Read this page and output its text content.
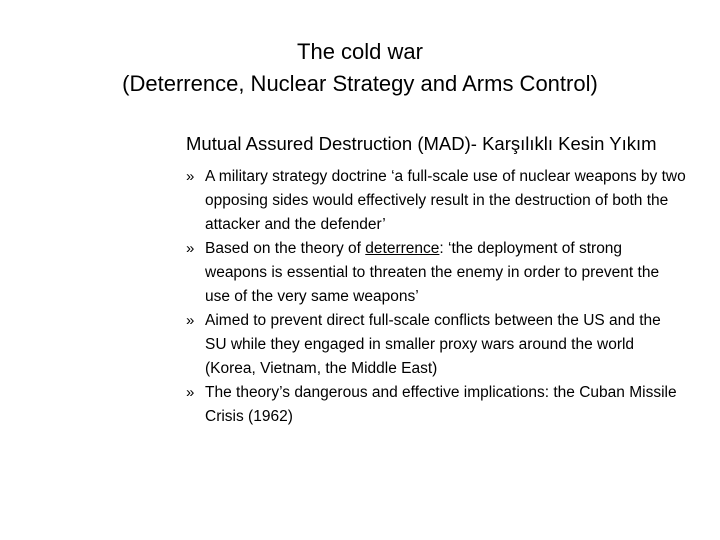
The cold war
(Deterrence, Nuclear Strategy and Arms Control)

Mutual Assured Destruction (MAD)- Karşılıklı Kesin Yıkım

» A military strategy doctrine ‘a full-scale use of nuclear weapons by two opposing sides would effectively result in the destruction of both the attacker and the defender’
» Based on the theory of deterrence: ‘the deployment of strong weapons is essential to threaten the enemy in order to prevent the use of the very same weapons’
» Aimed to prevent direct full-scale conflicts between the US and the SU while they engaged in smaller proxy wars around the world (Korea, Vietnam, the Middle East)
» The theory’s dangerous and effective implications: the Cuban Missile Crisis (1962)
